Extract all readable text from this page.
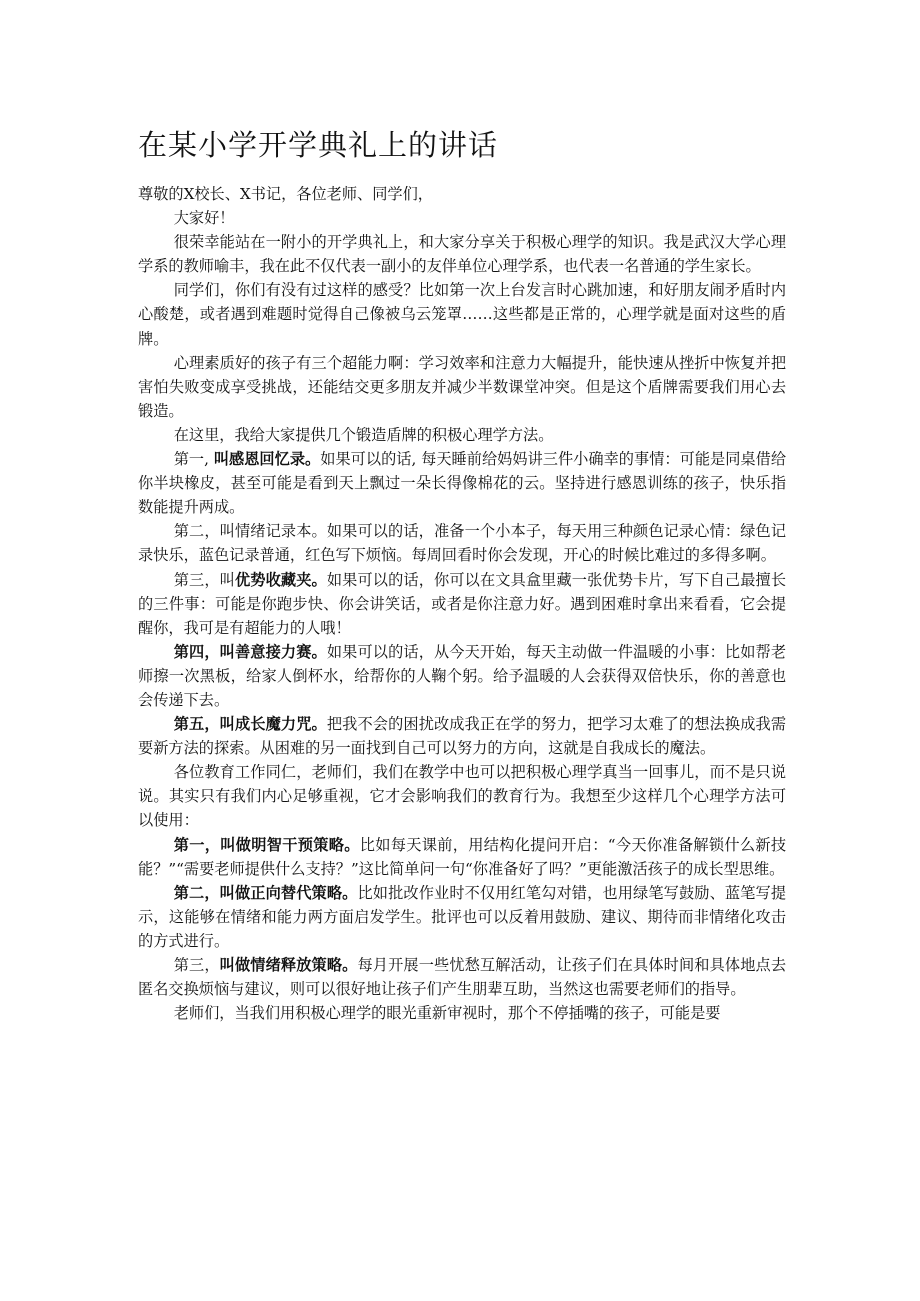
在某小学开学典礼上的讲话

尊敬的X校长、X书记，各位老师、同学们，

大家好！

很荣幸能站在一附小的开学典礼上，和大家分享关于积极心理学的知识。我是武汉大学心理学系的教师喻丰，我在此不仅代表一副小的友伴单位心理学系，也代表一名普通的学生家长。

同学们，你们有没有过这样的感受？比如第一次上台发言时心跳加速，和好朋友闹矛盾时内心酸楚，或者遇到难题时觉得自己像被乌云笼罩……这些都是正常的，心理学就是面对这些的盾牌。

心理素质好的孩子有三个超能力啊：学习效率和注意力大幅提升，能快速从挫折中恢复并把害怕失败变成享受挑战，还能结交更多朋友并减少半数课堂冲突。但是这个盾牌需要我们用心去锻造。

在这里，我给大家提供几个锻造盾牌的积极心理学方法。

第一, 叫感恩回忆录。如果可以的话, 每天睡前给妈妈讲三件小确幸的事情：可能是同桌借给你半块橡皮，甚至可能是看到天上飘过一朵长得像棉花的云。坚持进行感恩训练的孩子，快乐指数能提升两成。

第二，叫情绪记录本。如果可以的话，准备一个小本子，每天用三种颜色记录心情：绿色记录快乐，蓝色记录普通，红色写下烦恼。每周回看时你会发现，开心的时候比难过的多得多啊。

第三，叫优势收藏夹。如果可以的话，你可以在文具盒里藏一张优势卡片，写下自己最擅长的三件事：可能是你跑步快、你会讲笑话，或者是你注意力好。遇到困难时拿出来看看，它会提醒你，我可是有超能力的人哦！

第四，叫善意接力赛。如果可以的话，从今天开始，每天主动做一件温暖的小事：比如帮老师擦一次黑板，给家人倒杯水，给帮你的人鞠个躬。给予温暖的人会获得双倍快乐，你的善意也会传递下去。

第五，叫成长魔力咒。把我不会的困扰改成我正在学的努力，把学习太难了的想法换成我需要新方法的探索。从困难的另一面找到自己可以努力的方向，这就是自我成长的魔法。

各位教育工作同仁，老师们，我们在教学中也可以把积极心理学真当一回事儿，而不是只说说。其实只有我们内心足够重视，它才会影响我们的教育行为。我想至少这样几个心理学方法可以使用：

第一，叫做明智干预策略。比如每天课前，用结构化提问开启：“今天你准备解锁什么新技能？”“需要老师提供什么支持？”这比简单问一句“你准备好了吗？”更能激活孩子的成长型思维。

第二，叫做正向替代策略。比如批改作业时不仅用红笔勾对错，也用绿笔写鼓励、蓝笔写提示，这能够在情绪和能力两方面启发学生。批评也可以反着用鼓励、建议、期待而非情绪化攻击的方式进行。

第三，叫做情绪释放策略。每月开展一些忧愁互解活动，让孩子们在具体时间和具体地点去匿名交换烦恼与建议，则可以很好地让孩子们产生朋辈互助，当然这也需要老师们的指导。

老师们，当我们用积极心理学的眼光重新审视时，那个不停插嘴的孩子，可能是要
